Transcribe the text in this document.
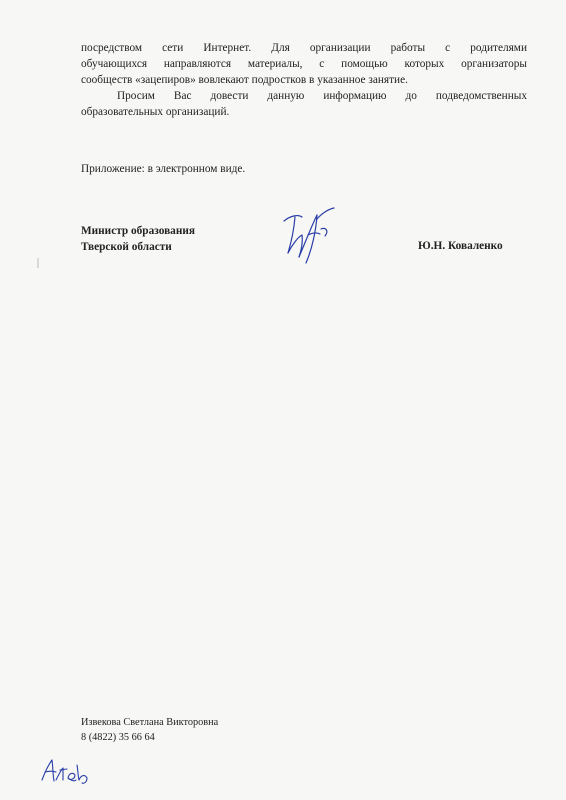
посредством сети Интернет. Для организации работы с родителями

обучающихся направляются материалы, с помощью которых организаторы

сообществ «зацепиров» вовлекают подростков в указанное занятие.

Просим Вас довести данную информацию до подведомственных

образовательных организаций.

Приложение: в электронном виде.
Министр образования
Тверской области	Ю.Н. Коваленко
Извекова Светлана Викторовна
8 (4822) 35 66 64
